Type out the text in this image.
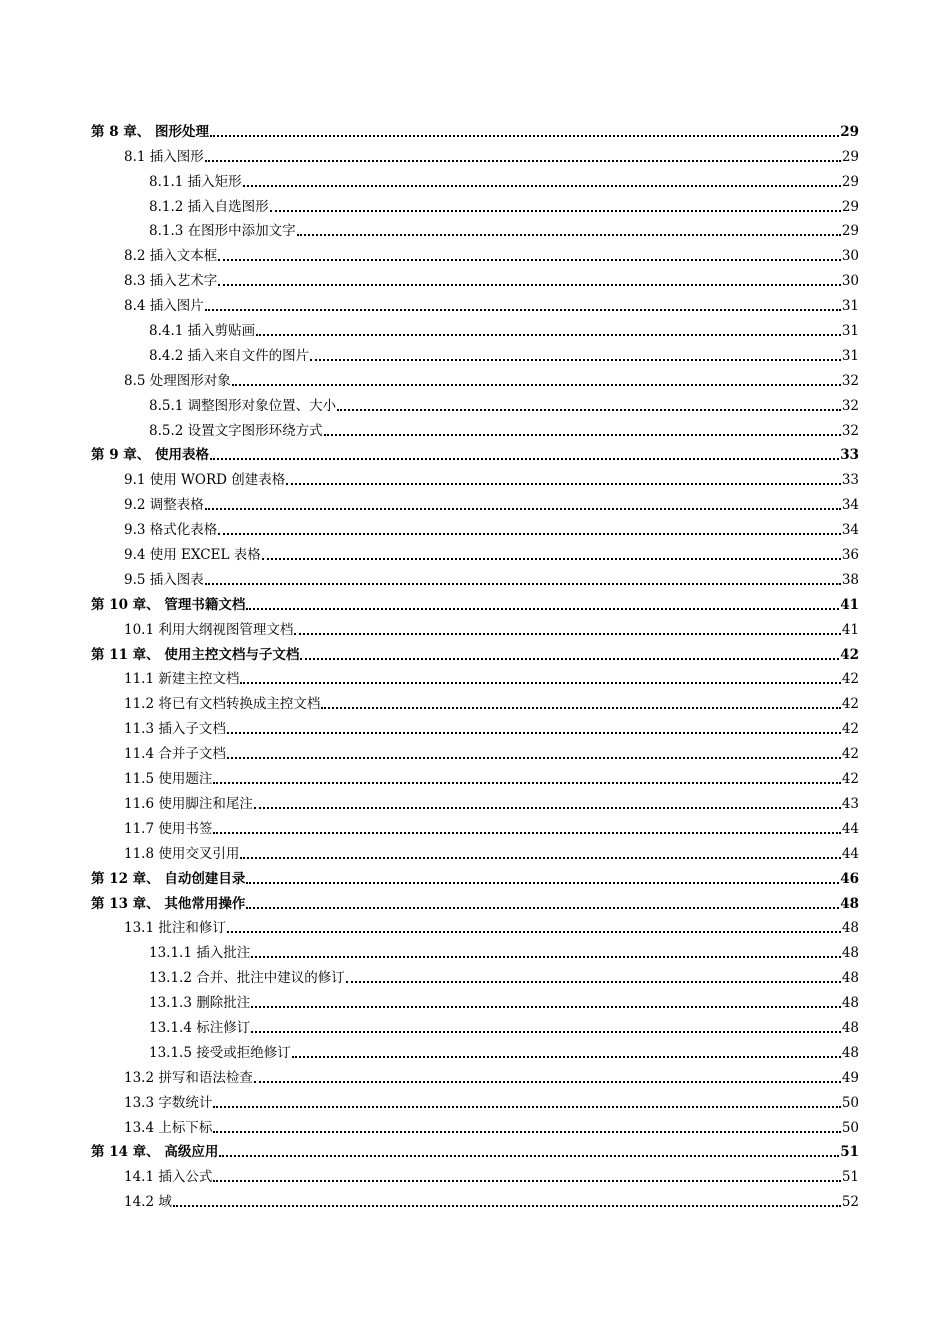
第 8 章、 图形处理	29
8.1 插入图形	29
8.1.1 插入矩形	29
8.1.2 插入自选图形	29
8.1.3 在图形中添加文字	29
8.2 插入文本框	30
8.3 插入艺术字	30
8.4 插入图片	31
8.4.1 插入剪贴画	31
8.4.2 插入来自文件的图片	31
8.5 处理图形对象	32
8.5.1 调整图形对象位置、大小	32
8.5.2 设置文字图形环绕方式	32
第 9 章、 使用表格	33
9.1 使用 WORD 创建表格	33
9.2 调整表格	34
9.3 格式化表格	34
9.4 使用 EXCEL 表格	36
9.5 插入图表	38
第 10 章、 管理书籍文档	41
10.1 利用大纲视图管理文档	41
第 11 章、 使用主控文档与子文档	42
11.1 新建主控文档	42
11.2 将已有文档转换成主控文档	42
11.3 插入子文档	42
11.4 合并子文档	42
11.5 使用题注	42
11.6 使用脚注和尾注	43
11.7 使用书签	44
11.8 使用交叉引用	44
第 12 章、 自动创建目录	46
第 13 章、 其他常用操作	48
13.1 批注和修订	48
13.1.1 插入批注	48
13.1.2 合并、批注中建议的修订	48
13.1.3 删除批注	48
13.1.4 标注修订	48
13.1.5 接受或拒绝修订	48
13.2 拼写和语法检查	49
13.3 字数统计	50
13.4 上标下标	50
第 14 章、 高级应用	51
14.1 插入公式	51
14.2 域	52
